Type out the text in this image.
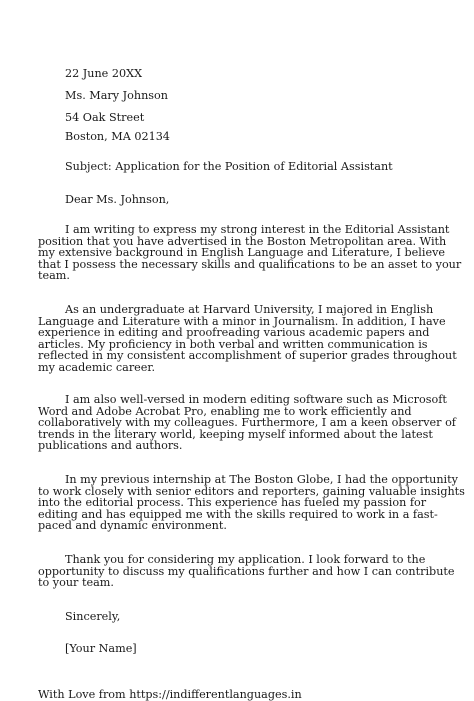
22 June 20XX
Ms. Mary Johnson
54 Oak Street
Boston, MA 02134
Subject: Application for the Position of Editorial Assistant
Dear Ms. Johnson,

I am writing to express my strong interest in the Editorial Assistant position that you have advertised in the Boston Metropolitan area. With my extensive background in English Language and Literature, I believe that I possess the necessary skills and qualifications to be an asset to your team.

As an undergraduate at Harvard University, I majored in English Language and Literature with a minor in Journalism. In addition, I have experience in editing and proofreading various academic papers and articles. My proficiency in both verbal and written communication is reflected in my consistent accomplishment of superior grades throughout my academic career.

I am also well-versed in modern editing software such as Microsoft Word and Adobe Acrobat Pro, enabling me to work efficiently and collaboratively with my colleagues. Furthermore, I am a keen observer of trends in the literary world, keeping myself informed about the latest publications and authors.

In my previous internship at The Boston Globe, I had the opportunity to work closely with senior editors and reporters, gaining valuable insights into the editorial process. This experience has fueled my passion for editing and has equipped me with the skills required to work in a fast-paced and dynamic environment.

Thank you for considering my application. I look forward to the opportunity to discuss my qualifications further and how I can contribute to your team.

Sincerely,
[Your Name]
With Love from https://indifferentlanguages.in
